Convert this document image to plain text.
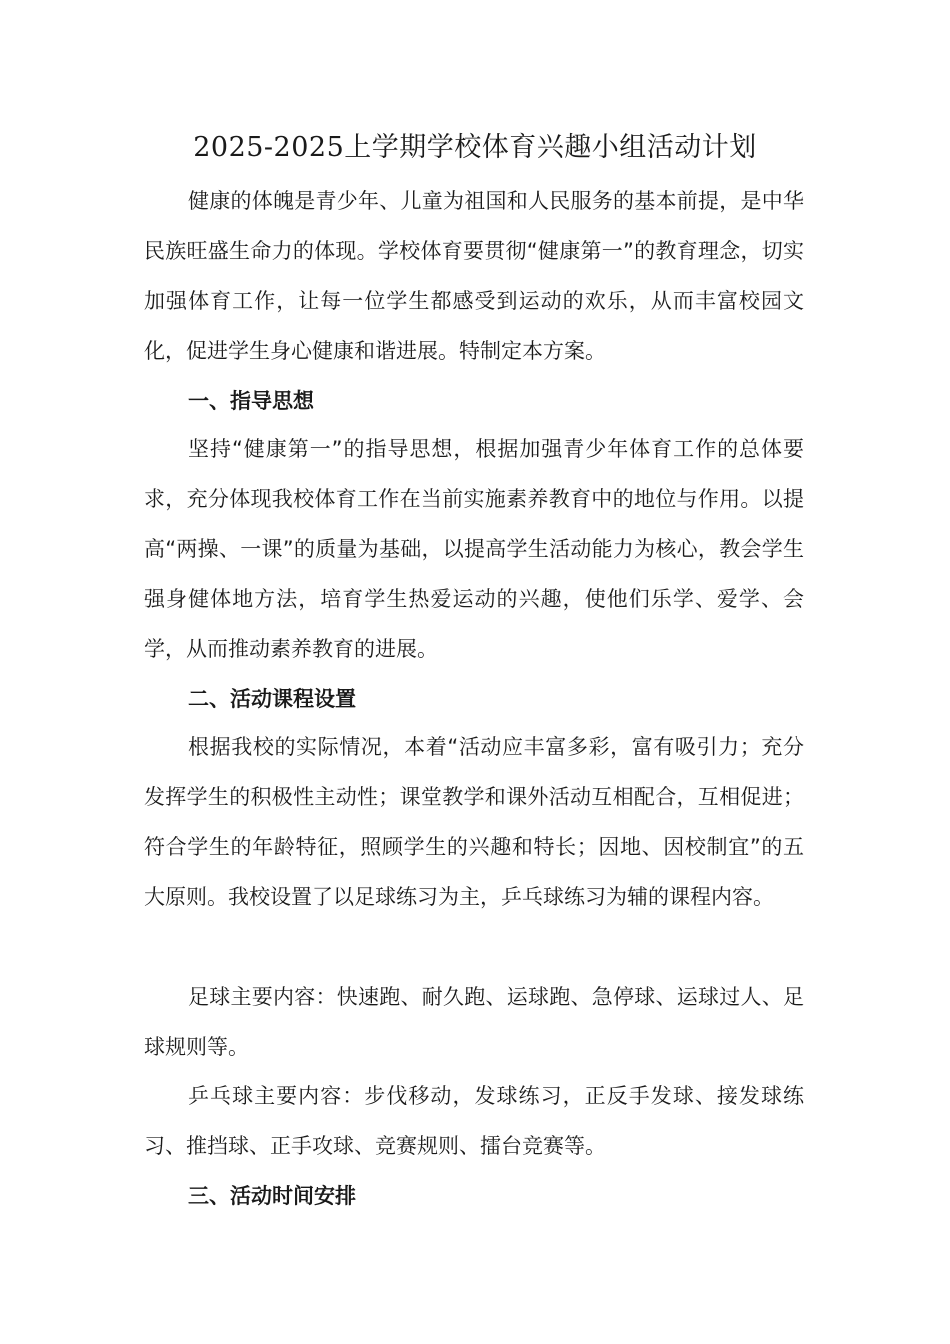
2025-2025上学期学校体育兴趣小组活动计划

健康的体魄是青少年、儿童为祖国和人民服务的基本前提，是中华民族旺盛生命力的体现。学校体育要贯彻“健康第一”的教育理念，切实加强体育工作，让每一位学生都感受到运动的欢乐，从而丰富校园文化，促进学生身心健康和谐进展。特制定本方案。

一、指导思想

坚持“健康第一”的指导思想，根据加强青少年体育工作的总体要求，充分体现我校体育工作在当前实施素养教育中的地位与作用。以提高“两操、一课”的质量为基础，以提高学生活动能力为核心，教会学生强身健体地方法，培育学生热爱运动的兴趣，使他们乐学、爱学、会学，从而推动素养教育的进展。

二、活动课程设置

根据我校的实际情况，本着“活动应丰富多彩，富有吸引力；充分发挥学生的积极性主动性；课堂教学和课外活动互相配合，互相促进；符合学生的年龄特征，照顾学生的兴趣和特长；因地、因校制宜”的五大原则。我校设置了以足球练习为主，乒乓球练习为辅的课程内容。

足球主要内容：快速跑、耐久跑、运球跑、急停球、运球过人、足球规则等。

乒乓球主要内容：步伐移动，发球练习，正反手发球、接发球练习、推挡球、正手攻球、竞赛规则、擂台竞赛等。

三、活动时间安排
